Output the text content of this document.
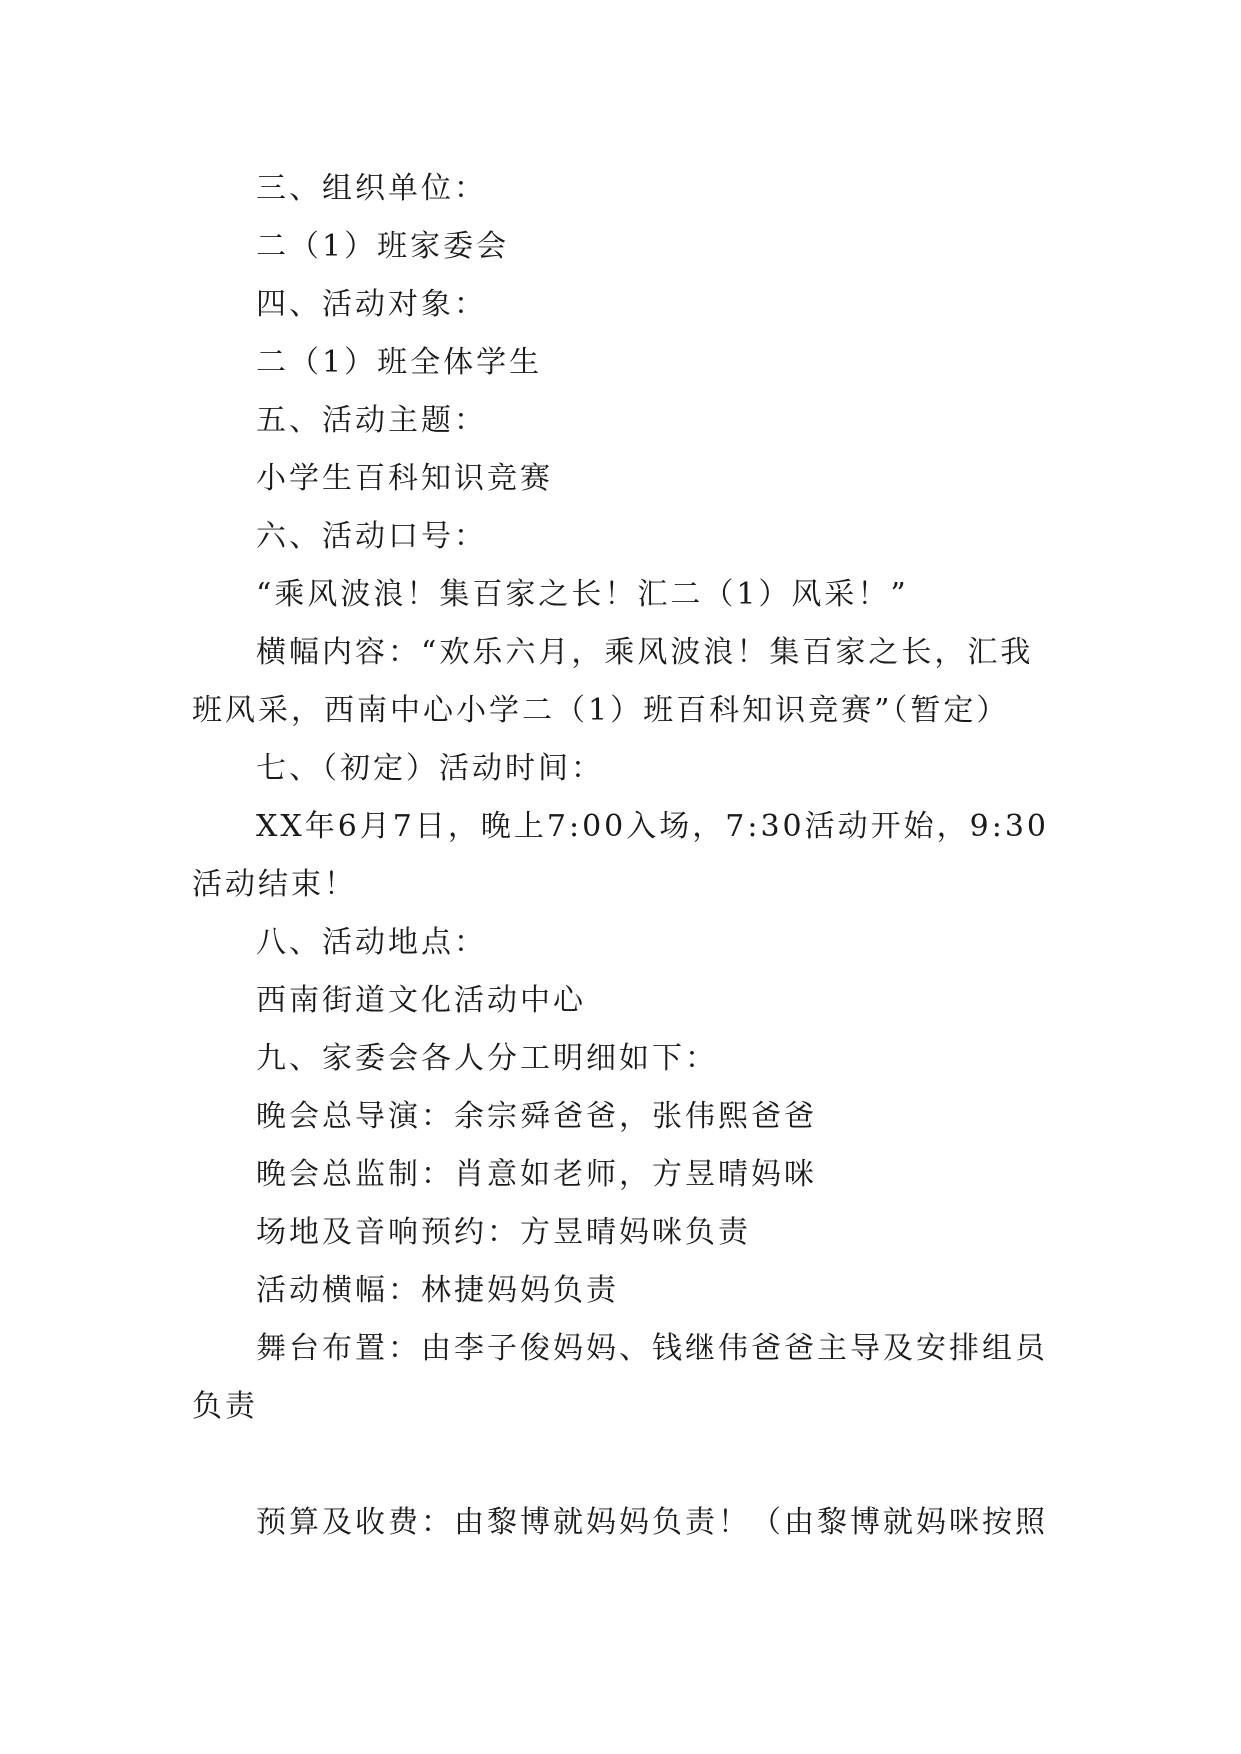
三、组织单位：

二（1）班家委会

四、活动对象：

二（1）班全体学生

五、活动主题：

小学生百科知识竞赛

六、活动口号：

“乘风波浪！集百家之长！汇二（1）风采！”

横幅内容：“欢乐六月，乘风波浪！集百家之长，汇我班风采，西南中心小学二（1）班百科知识竞赛”（暂定）

七、（初定）活动时间：

XX年6月7日，晚上7:00入场，7:30活动开始，9:30活动结束！

八、活动地点：

西南街道文化活动中心

九、家委会各人分工明细如下：

晚会总导演：余宗舜爸爸，张伟熙爸爸

晚会总监制：肖意如老师，方昱晴妈咪

场地及音响预约：方昱晴妈咪负责

活动横幅：林捷妈妈负责

舞台布置：由李子俊妈妈、钱继伟爸爸主导及安排组员负责

预算及收费：由黎博就妈妈负责！（由黎博就妈咪按照
